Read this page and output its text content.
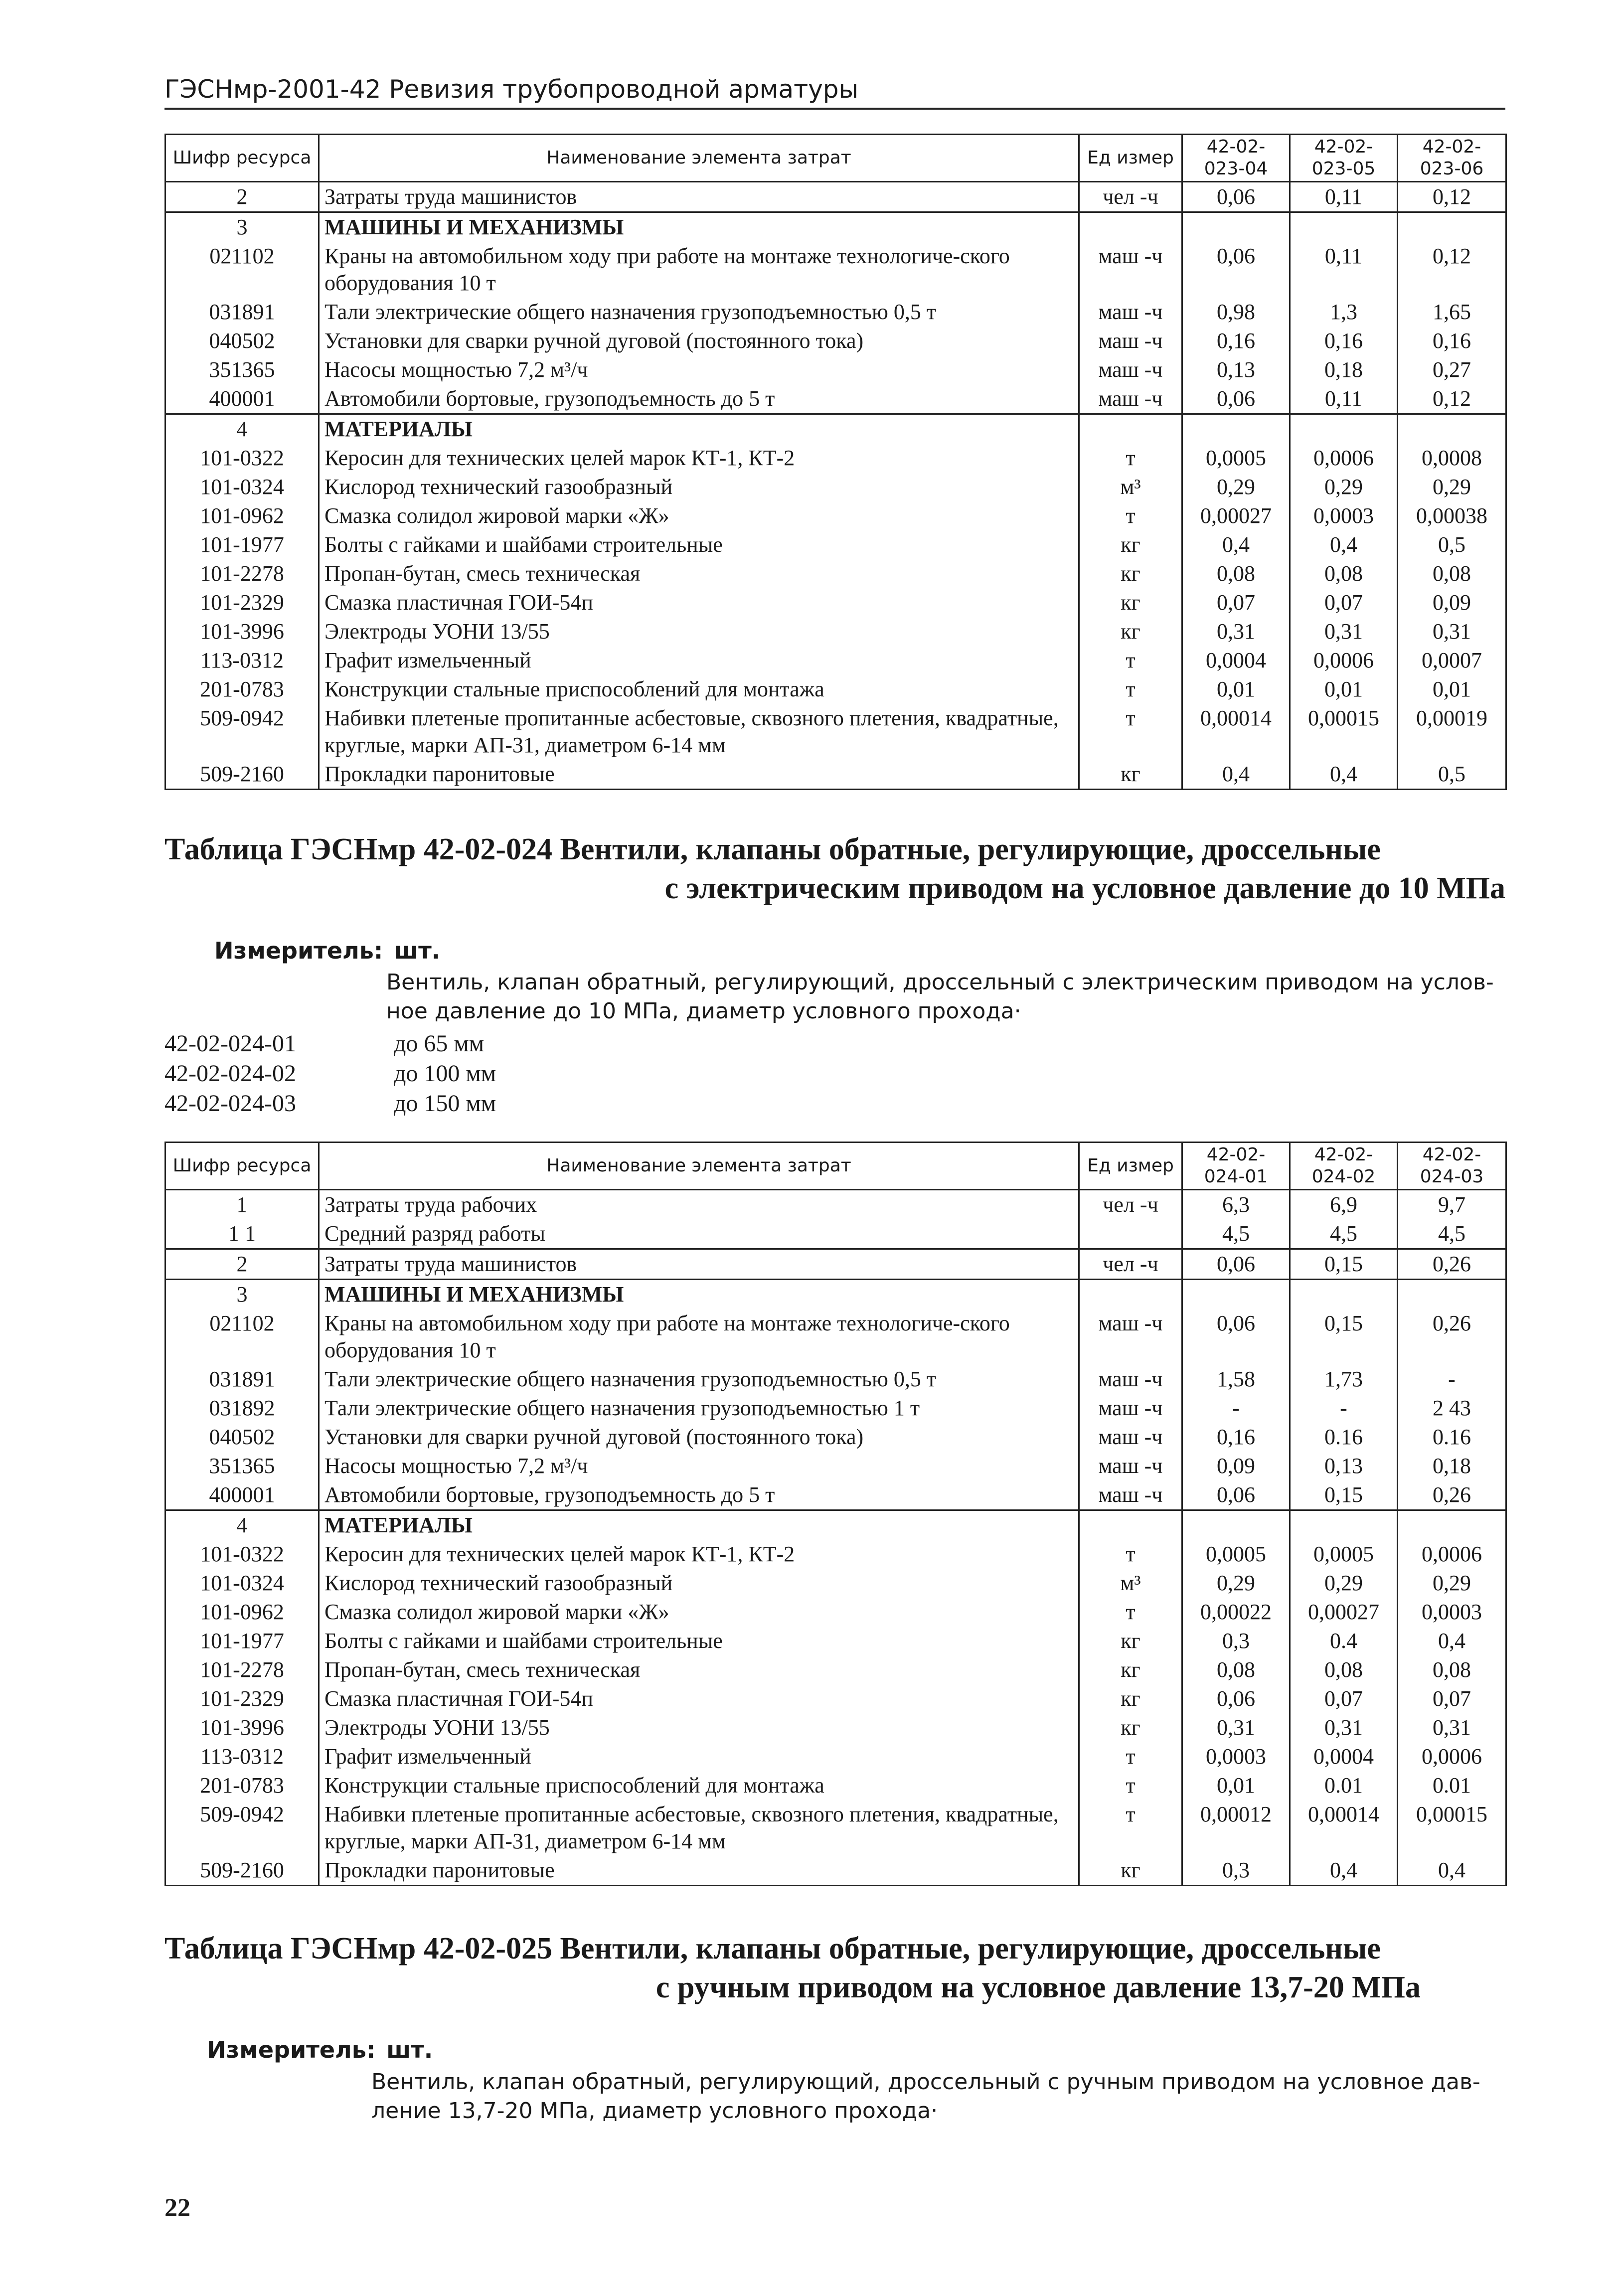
ГЭСНмр-2001-42 Ревизия трубопроводной арматуры
Шифр ресурса	Наименование элемента затрат	Ед измер	42-02-023-04	42-02-023-05	42-02-023-06
2	Затраты труда машинистов	чел -ч	0,06	0,11	0,12
3	МАШИНЫ И МЕХАНИЗМЫ				
021102	Краны на автомобильном ходу при работе на монтаже технологиче-ского оборудования 10 т	маш -ч	0,06	0,11	0,12
031891	Тали электрические общего назначения грузоподъемностью 0,5 т	маш -ч	0,98	1,3	1,65
040502	Установки для сварки ручной дуговой (постоянного тока)	маш -ч	0,16	0,16	0,16
351365	Насосы мощностью 7,2 м³/ч	маш -ч	0,13	0,18	0,27
400001	Автомобили бортовые, грузоподъемность до 5 т	маш -ч	0,06	0,11	0,12
4	МАТЕРИАЛЫ				
101-0322	Керосин для технических целей марок КТ-1, КТ-2	т	0,0005	0,0006	0,0008
101-0324	Кислород технический газообразный	м³	0,29	0,29	0,29
101-0962	Смазка солидол жировой марки «Ж»	т	0,00027	0,0003	0,00038
101-1977	Болты с гайками и шайбами строительные	кг	0,4	0,4	0,5
101-2278	Пропан-бутан, смесь техническая	кг	0,08	0,08	0,08
101-2329	Смазка пластичная ГОИ-54п	кг	0,07	0,07	0,09
101-3996	Электроды УОНИ 13/55	кг	0,31	0,31	0,31
113-0312	Графит измельченный	т	0,0004	0,0006	0,0007
201-0783	Конструкции стальные приспособлений для монтажа	т	0,01	0,01	0,01
509-0942	Набивки плетеные пропитанные асбестовые, сквозного плетения, квадратные, круглые, марки АП-31, диаметром 6-14 мм	т	0,00014	0,00015	0,00019
509-2160	Прокладки паронитовые	кг	0,4	0,4	0,5
Таблица ГЭСНмр 42-02-024 Вентили, клапаны обратные, регулирующие, дроссельные
с электрическим приводом на условное давление до 10 МПа
Измеритель: шт.
Вентиль, клапан обратный, регулирующий, дроссельный с электрическим приводом на услов-ное давление до 10 МПа, диаметр условного прохода·
42-02-024-01	до 65 мм
42-02-024-02	до 100 мм
42-02-024-03	до 150 мм
Шифр ресурса	Наименование элемента затрат	Ед измер	42-02-024-01	42-02-024-02	42-02-024-03
1	Затраты труда рабочих	чел -ч	6,3	6,9	9,7
1 1	Средний разряд работы		4,5	4,5	4,5
2	Затраты труда машинистов	чел -ч	0,06	0,15	0,26
3	МАШИНЫ И МЕХАНИЗМЫ				
021102	Краны на автомобильном ходу при работе на монтаже технологиче-ского оборудования 10 т	маш -ч	0,06	0,15	0,26
031891	Тали электрические общего назначения грузоподъемностью 0,5 т	маш -ч	1,58	1,73	-
031892	Тали электрические общего назначения грузоподъемностью 1 т	маш -ч	-	-	2 43
040502	Установки для сварки ручной дуговой (постоянного тока)	маш -ч	0,16	0.16	0.16
351365	Насосы мощностью 7,2 м³/ч	маш -ч	0,09	0,13	0,18
400001	Автомобили бортовые, грузоподъемность до 5 т	маш -ч	0,06	0,15	0,26
4	МАТЕРИАЛЫ				
101-0322	Керосин для технических целей марок КТ-1, КТ-2	т	0,0005	0,0005	0,0006
101-0324	Кислород технический газообразный	м³	0,29	0,29	0,29
101-0962	Смазка солидол жировой марки «Ж»	т	0,00022	0,00027	0,0003
101-1977	Болты с гайками и шайбами строительные	кг	0,3	0.4	0,4
101-2278	Пропан-бутан, смесь техническая	кг	0,08	0,08	0,08
101-2329	Смазка пластичная ГОИ-54п	кг	0,06	0,07	0,07
101-3996	Электроды УОНИ 13/55	кг	0,31	0,31	0,31
113-0312	Графит измельченный	т	0,0003	0,0004	0,0006
201-0783	Конструкции стальные приспособлений для монтажа	т	0,01	0.01	0.01
509-0942	Набивки плетеные пропитанные асбестовые, сквозного плетения, квадратные, круглые, марки АП-31, диаметром 6-14 мм	т	0,00012	0,00014	0,00015
509-2160	Прокладки паронитовые	кг	0,3	0,4	0,4
Таблица ГЭСНмр 42-02-025 Вентили, клапаны обратные, регулирующие, дроссельные
с ручным приводом на условное давление 13,7-20 МПа
Измеритель: шт.
Вентиль, клапан обратный, регулирующий, дроссельный с ручным приводом на условное дав-ление 13,7-20 МПа, диаметр условного прохода·
22
